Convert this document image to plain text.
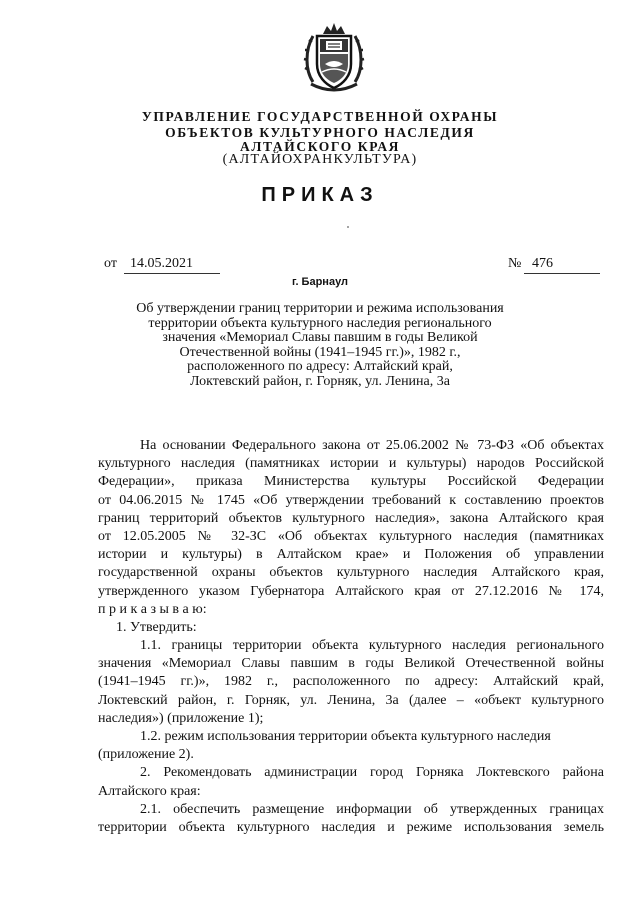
УПРАВЛЕНИЕ ГОСУДАРСТВЕННОЙ ОХРАНЫ
ОБЪЕКТОВ КУЛЬТУРНОГО НАСЛЕДИЯ
АЛТАЙСКОГО КРАЯ
(АЛТАЙОХРАНКУЛЬТУРА)
ПРИКАЗ
от 14.05.2021	№ 476
г. Барнаул
Об утверждении границ территории и режима использования
территории объекта культурного наследия регионального
значения «Мемориал Славы павшим в годы Великой
Отечественной войны (1941–1945 гг.)», 1982 г.,
расположенного по адресу: Алтайский край,
Локтевский район, г. Горняк, ул. Ленина, 3а
На основании Федерального закона от 25.06.2002 № 73-ФЗ «Об объектах
культурного наследия (памятниках истории и культуры) народов Российской
Федерации», приказа Министерства культуры Российской Федерации
от 04.06.2015 № 1745 «Об утверждении требований к составлению проектов
границ территорий объектов культурного наследия», закона Алтайского края
от 12.05.2005 № 32-ЗС «Об объектах культурного наследия (памятниках
истории и культуры) в Алтайском крае» и Положения об управлении
государственной охраны объектов культурного наследия Алтайского края,
утвержденного указом Губернатора Алтайского края от 27.12.2016 № 174,
п р и к а з ы в а ю:
1. Утвердить:
1.1. границы территории объекта культурного наследия регионального
значения «Мемориал Славы павшим в годы Великой Отечественной войны
(1941–1945 гг.)», 1982 г., расположенного по адресу: Алтайский край,
Локтевский район, г. Горняк, ул. Ленина, 3а (далее – «объект культурного
наследия») (приложение 1);
1.2. режим использования территории объекта культурного наследия
(приложение 2).
2. Рекомендовать администрации город Горняка Локтевского района
Алтайского края:
2.1. обеспечить размещение информации об утвержденных границах
территории объекта культурного наследия и режиме использования земель
